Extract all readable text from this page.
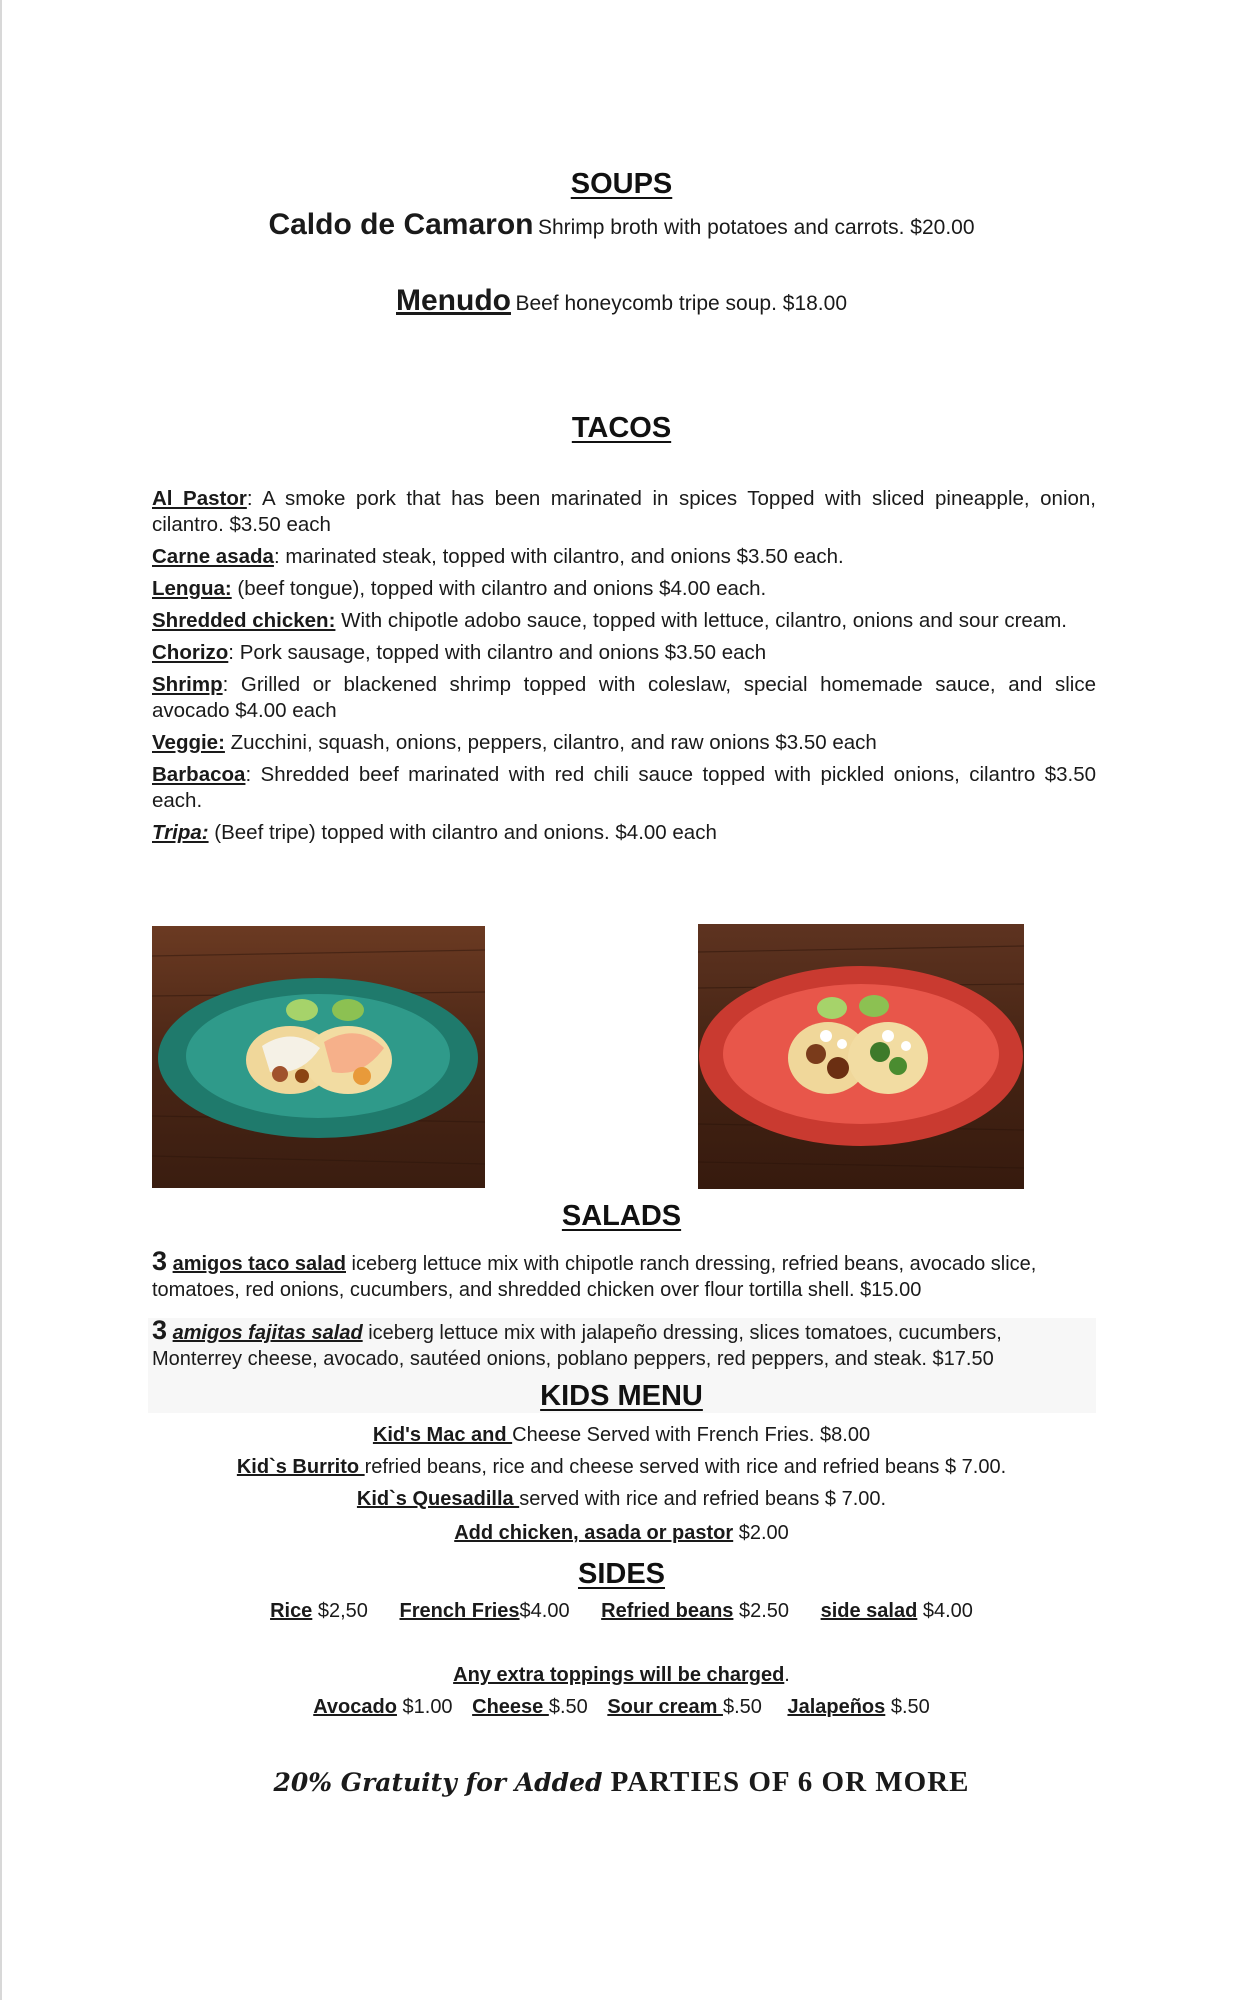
SOUPS
Caldo de Camaron Shrimp broth with potatoes and carrots. $20.00
Menudo Beef honeycomb tripe soup. $18.00
TACOS

Al Pastor: A smoke pork that has been marinated in spices Topped with sliced pineapple, onion, cilantro. $3.50 each

Carne asada: marinated steak, topped with cilantro, and onions $3.50 each.

Lengua: (beef tongue), topped with cilantro and onions $4.00 each.

Shredded chicken: With chipotle adobo sauce, topped with lettuce, cilantro, onions and sour cream.

Chorizo: Pork sausage, topped with cilantro and onions $3.50 each

Shrimp: Grilled or blackened shrimp topped with coleslaw, special homemade sauce, and slice avocado $4.00 each

Veggie: Zucchini, squash, onions, peppers, cilantro, and raw onions $3.50 each

Barbacoa: Shredded beef marinated with red chili sauce topped with pickled onions, cilantro $3.50 each.

Tripa: (Beef tripe) topped with cilantro and onions. $4.00 each

SALADS
3 amigos taco salad iceberg lettuce mix with chipotle ranch dressing, refried beans, avocado slice, tomatoes, red onions, cucumbers, and shredded chicken over flour tortilla shell. $15.00
3 amigos fajitas salad iceberg lettuce mix with jalapeño dressing, slices tomatoes, cucumbers, Monterrey cheese, avocado, sautéed onions, poblano peppers, red peppers, and steak. $17.50
KIDS MENU
Kid's Mac and Cheese Served with French Fries. $8.00
Kid`s Burrito refried beans, rice and cheese served with rice and refried beans $ 7.00.
Kid`s Quesadilla served with rice and refried beans $ 7.00.
Add chicken, asada or pastor $2.00
SIDES
Rice $2,50 French Fries$4.00 Refried beans $2.50 side salad $4.00
Any extra toppings will be charged.
Avocado $1.00 Cheese $.50 Sour cream $.50 Jalapeños $.50
20% Gratuity for Added PARTIES OF 6 OR MORE
